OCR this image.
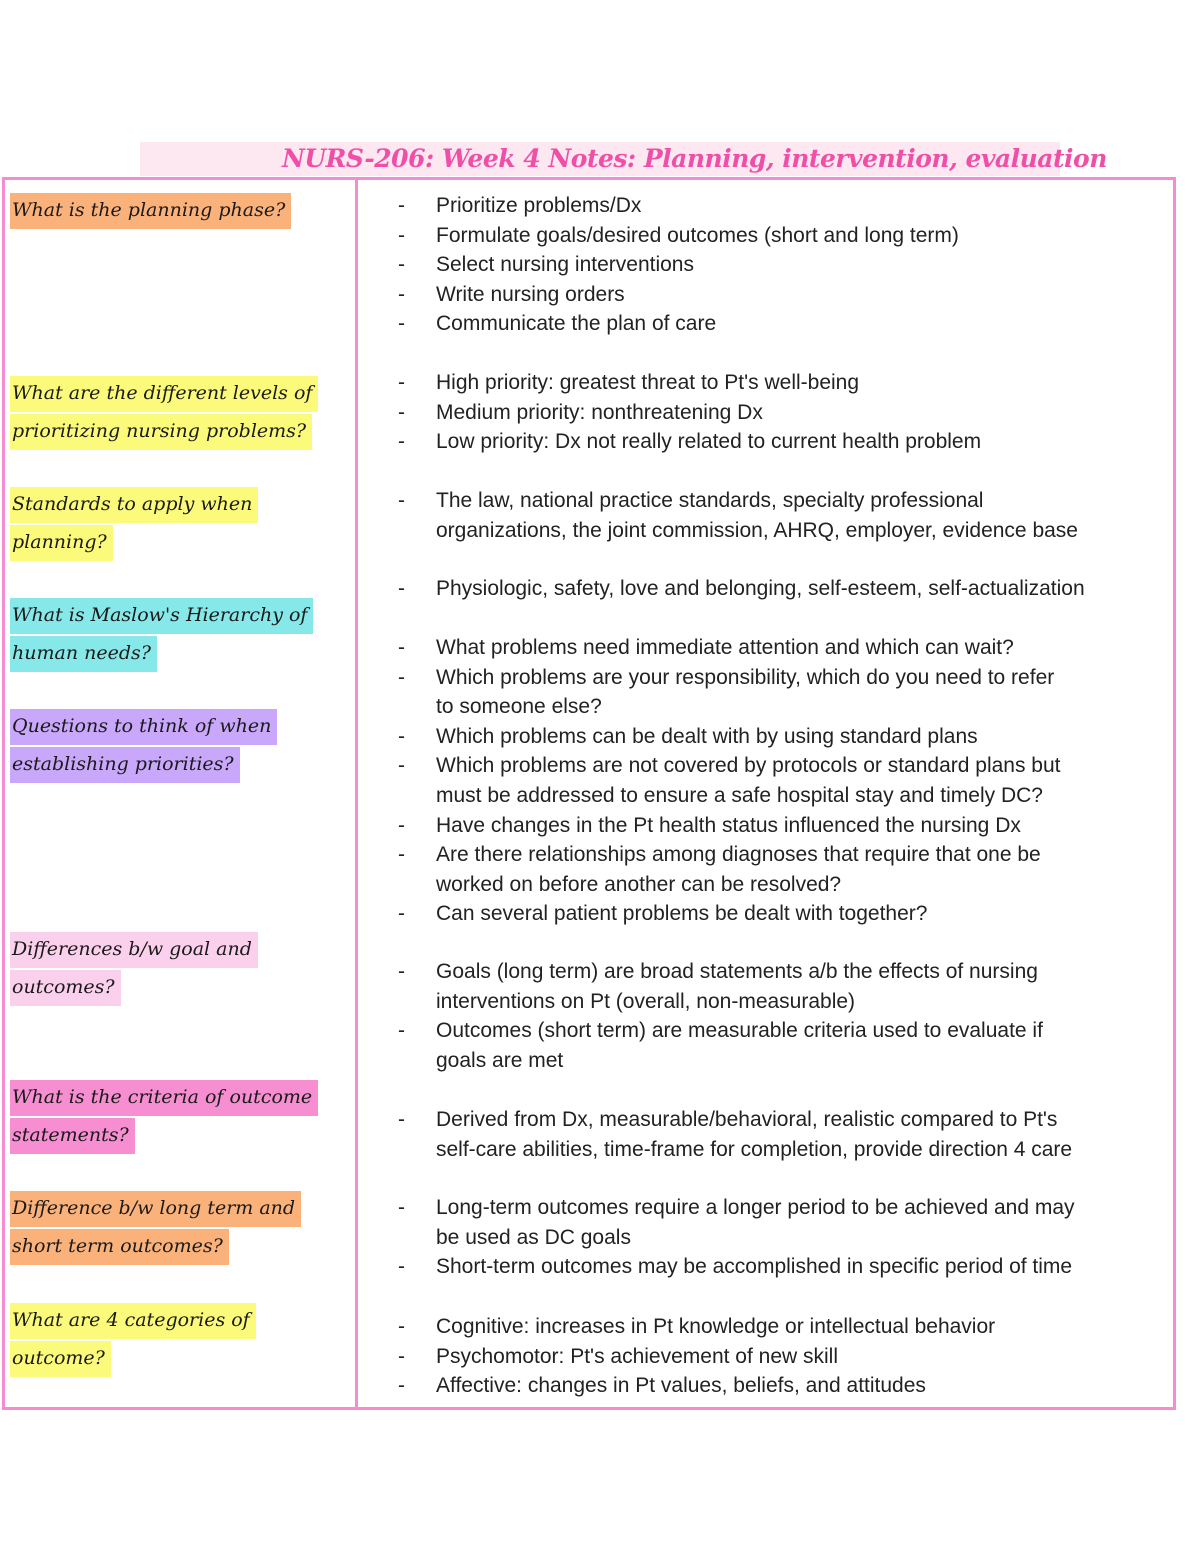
NURS-206: Week 4 Notes: Planning, intervention, evaluation
What is the planning phase?
What are the different levels of
prioritizing nursing problems?
Standards to apply when
planning?
What is Maslow's Hierarchy of
human needs?
Questions to think of when
establishing priorities?
Differences b/w goal and
outcomes?
What is the criteria of outcome
statements?
Difference b/w long term and
short term outcomes?
What are 4 categories of
outcome?
- Prioritize problems/Dx
- Formulate goals/desired outcomes (short and long term)
- Select nursing interventions
- Write nursing orders
- Communicate the plan of care
- High priority: greatest threat to Pt's well-being
- Medium priority: nonthreatening Dx
- Low priority: Dx not really related to current health problem
- The law, national practice standards, specialty professional
organizations, the joint commission, AHRQ, employer, evidence base
- Physiologic, safety, love and belonging, self-esteem, self-actualization
- What problems need immediate attention and which can wait?
- Which problems are your responsibility, which do you need to refer
to someone else?
- Which problems can be dealt with by using standard plans
- Which problems are not covered by protocols or standard plans but
must be addressed to ensure a safe hospital stay and timely DC?
- Have changes in the Pt health status influenced the nursing Dx
- Are there relationships among diagnoses that require that one be
worked on before another can be resolved?
- Can several patient problems be dealt with together?
- Goals (long term) are broad statements a/b the effects of nursing
interventions on Pt (overall, non-measurable)
- Outcomes (short term) are measurable criteria used to evaluate if
goals are met
- Derived from Dx, measurable/behavioral, realistic compared to Pt's
self-care abilities, time-frame for completion, provide direction 4 care
- Long-term outcomes require a longer period to be achieved and may
be used as DC goals
- Short-term outcomes may be accomplished in specific period of time
- Cognitive: increases in Pt knowledge or intellectual behavior
- Psychomotor: Pt's achievement of new skill
- Affective: changes in Pt values, beliefs, and attitudes
